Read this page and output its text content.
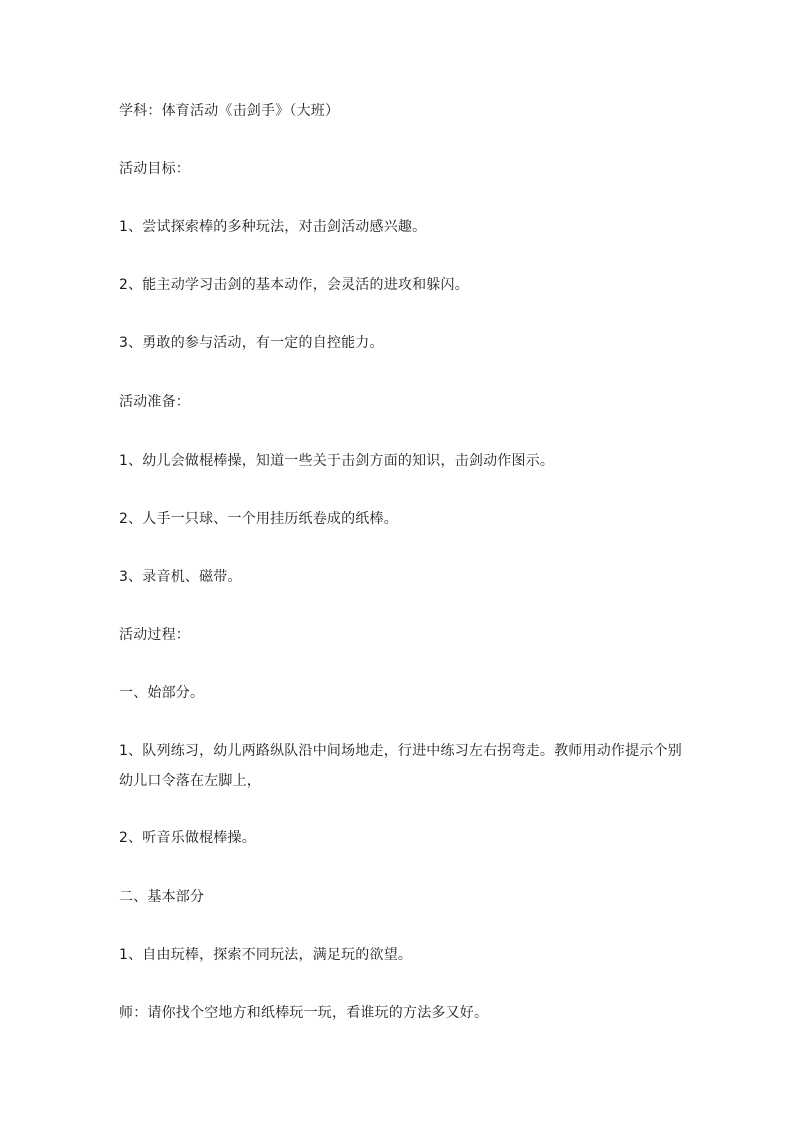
学科：体育活动《击剑手》（大班）
活动目标：
1、尝试探索棒的多种玩法，对击剑活动感兴趣。
2、能主动学习击剑的基本动作，会灵活的进攻和躲闪。
3、勇敢的参与活动，有一定的自控能力。
活动准备：
1、幼儿会做棍棒操，知道一些关于击剑方面的知识，击剑动作图示。
2、人手一只球、一个用挂历纸卷成的纸棒。
3、录音机、磁带。
活动过程：
一、始部分。
1、队列练习，幼儿两路纵队沿中间场地走，行进中练习左右拐弯走。教师用动作提示个别
幼儿口令落在左脚上，
2、听音乐做棍棒操。
二、基本部分
1、自由玩棒，探索不同玩法，满足玩的欲望。
师：请你找个空地方和纸棒玩一玩，看谁玩的方法多又好。
